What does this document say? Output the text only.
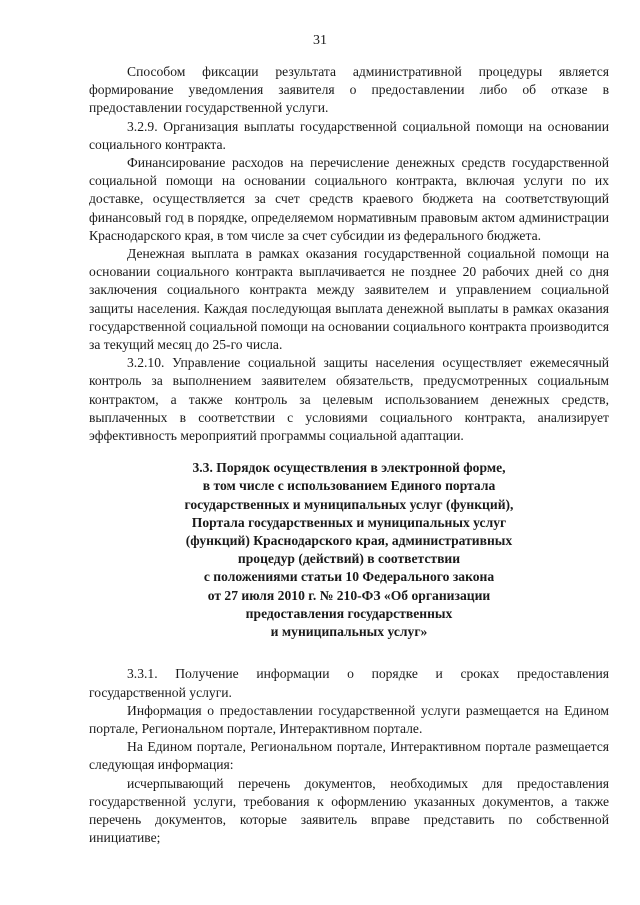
31

Способом фиксации результата административной процедуры является формирование уведомления заявителя о предоставлении либо об отказе в предоставлении государственной услуги.

3.2.9. Организация выплаты государственной социальной помощи на основании социального контракта.

Финансирование расходов на перечисление денежных средств государственной социальной помощи на основании социального контракта, включая услуги по их доставке, осуществляется за счет средств краевого бюджета на соответствующий финансовый год в порядке, определяемом нормативным правовым актом администрации Краснодарского края, в том числе за счет субсидии из федерального бюджета.

Денежная выплата в рамках оказания государственной социальной помощи на основании социального контракта выплачивается не позднее 20 рабочих дней со дня заключения социального контракта между заявителем и управлением социальной защиты населения. Каждая последующая выплата денежной выплаты в рамках оказания государственной социальной помощи на основании социального контракта производится за текущий месяц до 25-го числа.

3.2.10. Управление социальной защиты населения осуществляет ежемесячный контроль за выполнением заявителем обязательств, предусмотренных социальным контрактом, а также контроль за целевым использованием денежных средств, выплаченных в соответствии с условиями социального контракта, анализирует эффективность мероприятий программы социальной адаптации.

3.3. Порядок осуществления в электронной форме,
в том числе с использованием Единого портала
государственных и муниципальных услуг (функций),
Портала государственных и муниципальных услуг
(функций) Краснодарского края, административных
процедур (действий) в соответствии
с положениями статьи 10 Федерального закона
от 27 июля 2010 г. № 210-ФЗ «Об организации
предоставления государственных
и муниципальных услуг»

3.3.1. Получение информации о порядке и сроках предоставления государственной услуги.

Информация о предоставлении государственной услуги размещается на Едином портале, Региональном портале, Интерактивном портале.

На Едином портале, Региональном портале, Интерактивном портале размещается следующая информация:

исчерпывающий перечень документов, необходимых для предоставления государственной услуги, требования к оформлению указанных документов, а также перечень документов, которые заявитель вправе представить по собственной инициативе;
